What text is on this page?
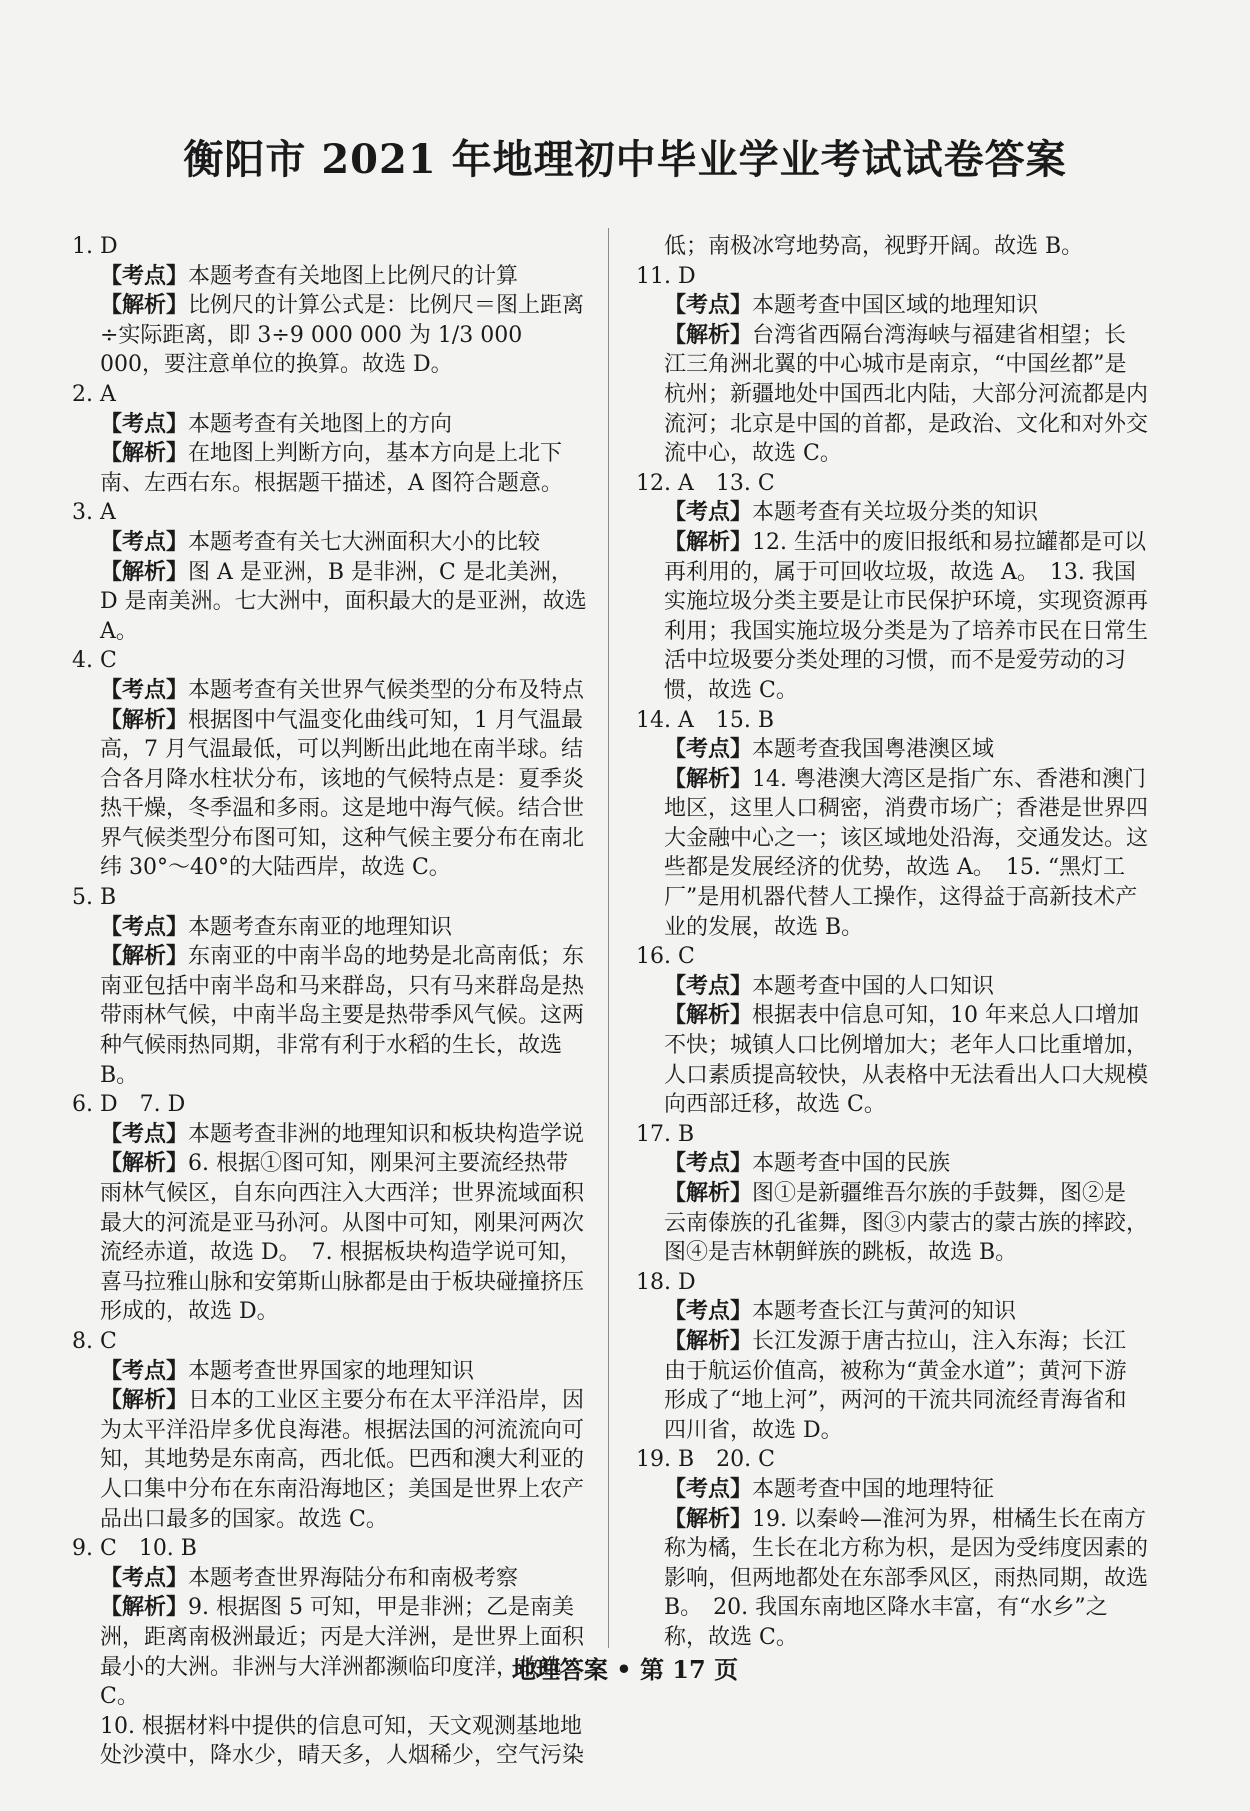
衡阳市 2021 年地理初中毕业学业考试试卷答案
1. D
【考点】本题考查有关地图上比例尺的计算
【解析】比例尺的计算公式是：比例尺＝图上距离÷实际距离，即 3÷9 000 000 为 1/3 000 000，要注意单位的换算。故选 D。
2. A
【考点】本题考查有关地图上的方向
【解析】在地图上判断方向，基本方向是上北下南、左西右东。根据题干描述，A 图符合题意。
3. A
【考点】本题考查有关七大洲面积大小的比较
【解析】图 A 是亚洲，B 是非洲，C 是北美洲，D 是南美洲。七大洲中，面积最大的是亚洲，故选 A。
4. C
【考点】本题考查有关世界气候类型的分布及特点
【解析】根据图中气温变化曲线可知，1 月气温最高，7 月气温最低，可以判断出此地在南半球。结合各月降水柱状分布，该地的气候特点是：夏季炎热干燥，冬季温和多雨。这是地中海气候。结合世界气候类型分布图可知，这种气候主要分布在南北纬 30°～40°的大陆西岸，故选 C。
5. B
【考点】本题考查东南亚的地理知识
【解析】东南亚的中南半岛的地势是北高南低；东南亚包括中南半岛和马来群岛，只有马来群岛是热带雨林气候，中南半岛主要是热带季风气候。这两种气候雨热同期，非常有利于水稻的生长，故选 B。
6. D　7. D
【考点】本题考查非洲的地理知识和板块构造学说
【解析】6. 根据①图可知，刚果河主要流经热带雨林气候区，自东向西注入大西洋；世界流域面积最大的河流是亚马孙河。从图中可知，刚果河两次流经赤道，故选 D。　7. 根据板块构造学说可知，喜马拉雅山脉和安第斯山脉都是由于板块碰撞挤压形成的，故选 D。
8. C
【考点】本题考查世界国家的地理知识
【解析】日本的工业区主要分布在太平洋沿岸，因为太平洋沿岸多优良海港。根据法国的河流流向可知，其地势是东南高，西北低。巴西和澳大利亚的人口集中分布在东南沿海地区；美国是世界上农产品出口最多的国家。故选 C。
9. C　10. B
【考点】本题考查世界海陆分布和南极考察
【解析】9. 根据图 5 可知，甲是非洲；乙是南美洲，距离南极洲最近；丙是大洋洲，是世界上面积最小的大洲。非洲与大洋洲都濒临印度洋，故选 C。
10. 根据材料中提供的信息可知，天文观测基地地处沙漠中，降水少，晴天多，人烟稀少，空气污染
低；南极冰穹地势高，视野开阔。故选 B。
11. D
【考点】本题考查中国区域的地理知识
【解析】台湾省西隔台湾海峡与福建省相望；长江三角洲北翼的中心城市是南京，“中国丝都”是杭州；新疆地处中国西北内陆，大部分河流都是内流河；北京是中国的首都，是政治、文化和对外交流中心，故选 C。
12. A　13. C
【考点】本题考查有关垃圾分类的知识
【解析】12. 生活中的废旧报纸和易拉罐都是可以再利用的，属于可回收垃圾，故选 A。　13. 我国实施垃圾分类主要是让市民保护环境，实现资源再利用；我国实施垃圾分类是为了培养市民在日常生活中垃圾要分类处理的习惯，而不是爱劳动的习惯，故选 C。
14. A　15. B
【考点】本题考查我国粤港澳区域
【解析】14. 粤港澳大湾区是指广东、香港和澳门地区，这里人口稠密，消费市场广；香港是世界四大金融中心之一；该区域地处沿海，交通发达。这些都是发展经济的优势，故选 A。　15. “黑灯工厂”是用机器代替人工操作，这得益于高新技术产业的发展，故选 B。
16. C
【考点】本题考查中国的人口知识
【解析】根据表中信息可知，10 年来总人口增加不快；城镇人口比例增加大；老年人口比重增加，人口素质提高较快，从表格中无法看出人口大规模向西部迁移，故选 C。
17. B
【考点】本题考查中国的民族
【解析】图①是新疆维吾尔族的手鼓舞，图②是云南傣族的孔雀舞，图③内蒙古的蒙古族的摔跤，图④是吉林朝鲜族的跳板，故选 B。
18. D
【考点】本题考查长江与黄河的知识
【解析】长江发源于唐古拉山，注入东海；长江由于航运价值高，被称为“黄金水道”；黄河下游形成了“地上河”，两河的干流共同流经青海省和四川省，故选 D。
19. B　20. C
【考点】本题考查中国的地理特征
【解析】19. 以秦岭—淮河为界，柑橘生长在南方称为橘，生长在北方称为枳，是因为受纬度因素的影响，但两地都处在东部季风区，雨热同期，故选 B。　20. 我国东南地区降水丰富，有“水乡”之称，故选 C。
地理答案 • 第 17 页
